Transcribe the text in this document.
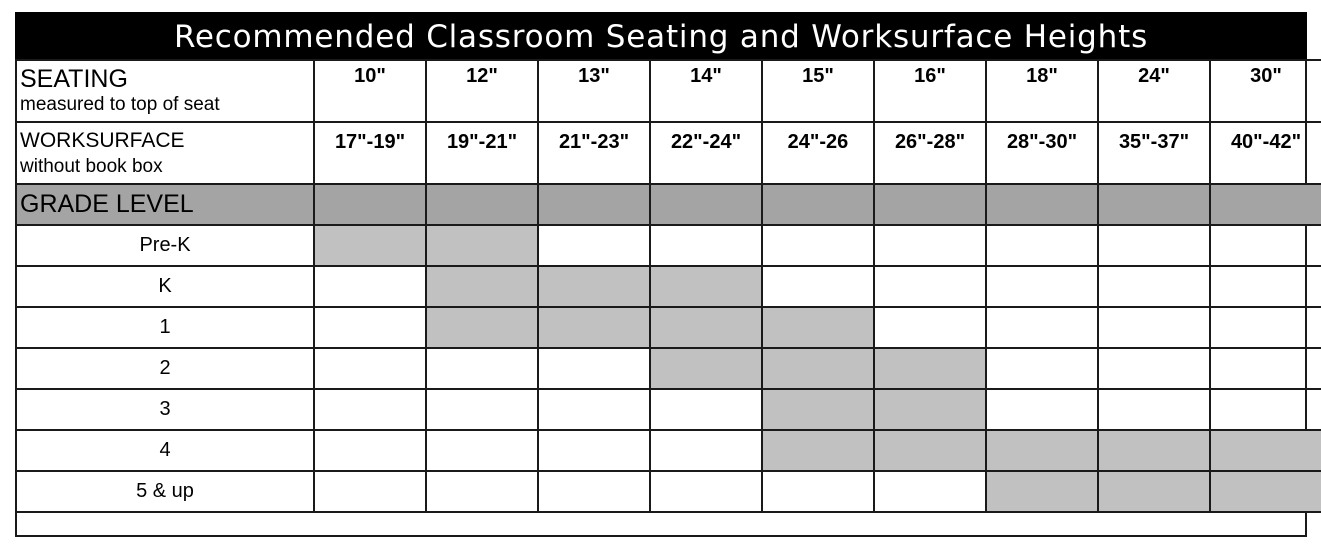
Recommended Classroom Seating and Worksurface Heights
SEATING
measured to top of seat	10"	12"	13"	14"	15"	16"	18"	24"	30"

WORKSURFACE
without book box	17"-19"	19"-21"	21"-23"	22"-24"	24"-26	26"-28"	28"-30"	35"-37"	40"-42"
GRADE LEVEL									
Pre-K									
K									
1									
2									
3									
4									
5 & up									
